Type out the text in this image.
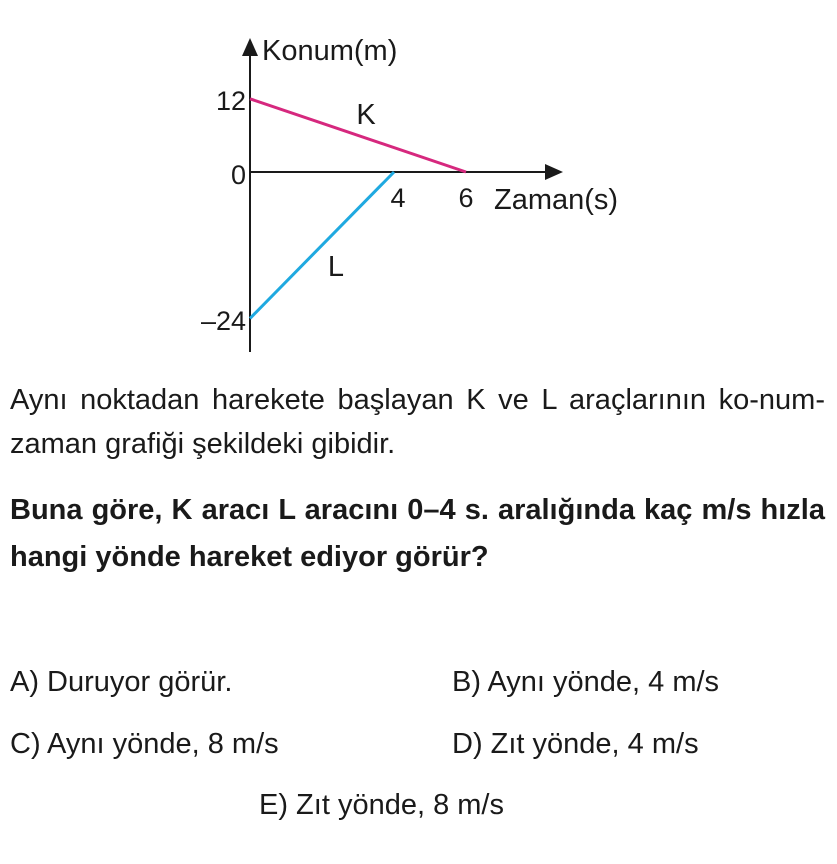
Konum(m)
Zaman(s)
4 6
12
0
–24
K
L

Aynı noktadan harekete başlayan K ve L araçlarının ko-num-zaman grafiği şekildeki gibidir.

Buna göre, K aracı L aracını 0–4 s. aralığında kaç m/s hızla hangi yönde hareket ediyor görür?

A) Duruyor görür.	B) Aynı yönde, 4 m/s
C) Aynı yönde, 8 m/s	D) Zıt yönde, 4 m/s
E) Zıt yönde, 8 m/s
